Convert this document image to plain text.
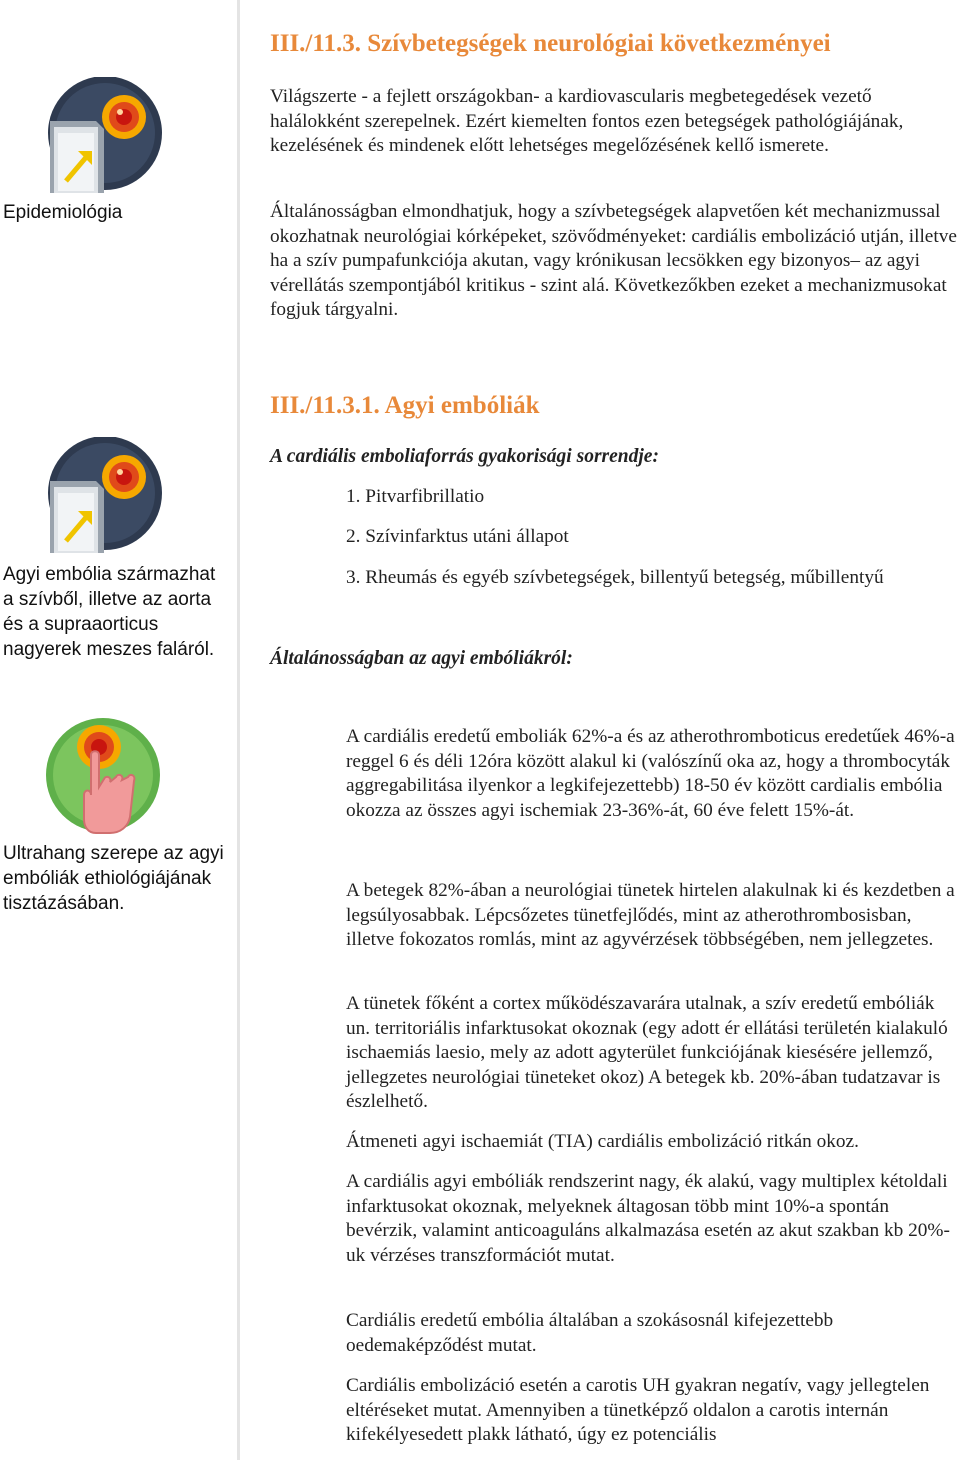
Epidemiológia
Agyi embólia származhat a szívből, illetve az aorta és a supraaorticus nagyerek meszes faláról.
Ultrahang szerepe az agyi embóliák ethiológiájának tisztázásában.
III./11.3. Szívbetegségek neurológiai következményei

Világszerte - a fejlett országokban- a kardiovascularis megbetegedések vezető halálokként szerepelnek. Ezért kiemelten fontos ezen betegségek pathológiájának, kezelésének és mindenek előtt lehetséges megelőzésének kellő ismerete.

Általánosságban elmondhatjuk, hogy a szívbetegségek alapvetően két mechanizmussal okozhatnak neurológiai kórképeket, szövődményeket: cardiális embolizáció utján, illetve ha a szív pumpafunkciója akutan, vagy krónikusan lecsökken egy bizonyos– az agyi vérellátás szempontjából kritikus - szint alá. Következőkben ezeket a mechanizmusokat fogjuk tárgyalni.

III./11.3.1. Agyi embóliák

A cardiális emboliaforrás gyakorisági sorrendje:

1. Pitvarfibrillatio

2. Szívinfarktus utáni állapot

3. Rheumás és egyéb szívbetegségek, billentyű betegség, műbillentyű

Általánosságban az agyi embóliákról:

A cardiális eredetű emboliák 62%-a és az atherothromboticus eredetűek 46%-a reggel 6 és déli 12óra között alakul ki (valószínű oka az, hogy a thrombocyták aggregabilitása ilyenkor a legkifejezettebb) 18-50 év között cardialis embólia okozza az összes agyi ischemiak 23-36%-át, 60 éve felett 15%-át.

A betegek 82%-ában a neurológiai tünetek hirtelen alakulnak ki és kezdetben a legsúlyosabbak. Lépcsőzetes tünetfejlődés, mint az atherothrombosisban, illetve fokozatos romlás, mint az agyvérzések többségében, nem jellegzetes.

A tünetek főként a cortex működészavarára utalnak, a szív eredetű embóliák un. territoriális infarktusokat okoznak (egy adott ér ellátási területén kialakuló ischaemiás laesio, mely az adott agyterület funkciójának kiesésére jellemző, jellegzetes neurológiai tüneteket okoz) A betegek kb. 20%-ában tudatzavar is észlelhető.

Átmeneti agyi ischaemiát (TIA) cardiális embolizáció ritkán okoz.

A cardiális agyi embóliák rendszerint nagy, ék alakú, vagy multiplex kétoldali infarktusokat okoznak, melyeknek áltagosan több mint 10%-a spontán bevérzik, valamint anticoaguláns alkalmazása esetén az akut szakban kb 20%-uk vérzéses transzformációt mutat.

Cardiális eredetű embólia általában a szokásosnál kifejezettebb oedemaképződést mutat.

Cardiális embolizáció esetén a carotis UH gyakran negatív, vagy jellegtelen eltéréseket mutat. Amennyiben a tünetképző oldalon a carotis internán kifekélyesedett plakk látható, úgy ez potenciális
